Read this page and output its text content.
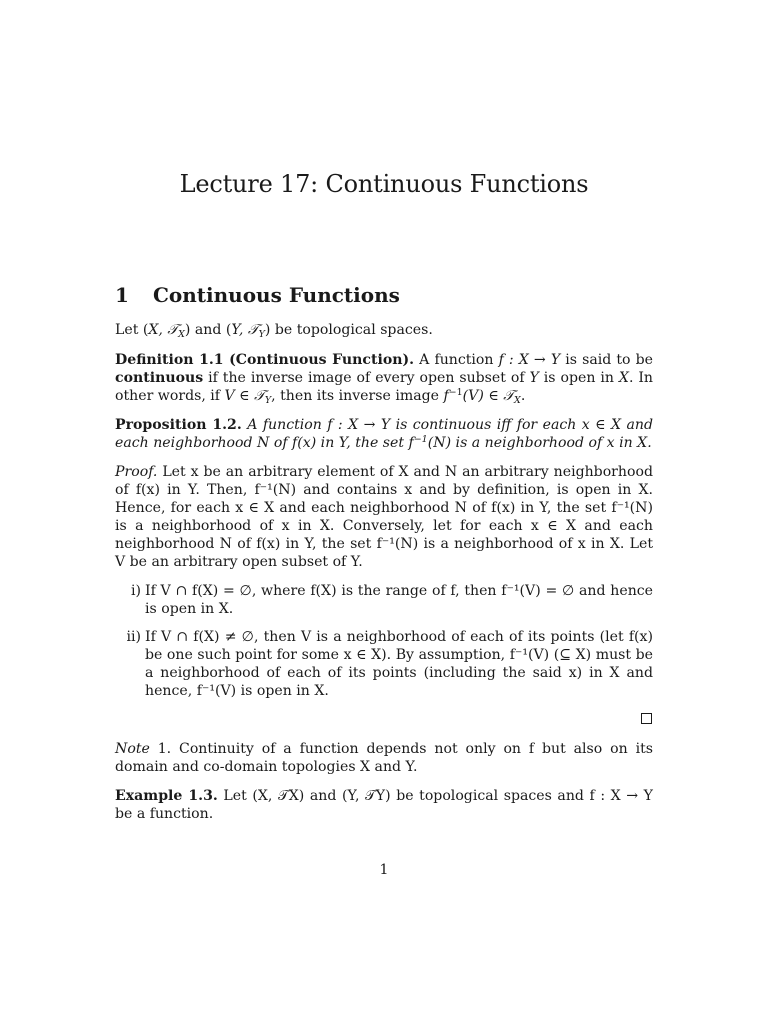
Lecture 17: Continuous Functions
1 Continuous Functions

Let (X, 𝒯$_X$) and (Y, 𝒯$_Y$) be topological spaces.

Definition 1.1 (Continuous Function). A function f : X → Y is said to be continuous if the inverse image of every open subset of Y is open in X. In other words, if V ∈ 𝒯$_Y$, then its inverse image $f^{-1}(V)$ ∈ 𝒯$_X$.

Proposition 1.2. A function f : X → Y is continuous iff for each x ∈ X and each neighborhood N of f(x) in Y, the set $f^{-1}(N)$ is a neighborhood of x in X.

Proof. Let x be an arbitrary element of X and N an arbitrary neighborhood of f(x) in Y. Then, f⁻¹(N) and contains x and by definition, is open in X. Hence, for each x ∈ X and each neighborhood N of f(x) in Y, the set f⁻¹(N) is a neighborhood of x in X. Conversely, let for each x ∈ X and each neighborhood N of f(x) in Y, the set f⁻¹(N) is a neighborhood of x in X. Let V be an arbitrary open subset of Y.

i) If V ∩ f(X) = ∅, where f(X) is the range of f, then f⁻¹(V) = ∅ and hence is open in X.
ii) If V ∩ f(X) ≠ ∅, then V is a neighborhood of each of its points (let f(x) be one such point for some x ∈ X). By assumption, f⁻¹(V) (⊆ X) must be a neighborhood of each of its points (including the said x) in X and hence, f⁻¹(V) is open in X.

Note 1. Continuity of a function depends not only on f but also on its domain and co-domain topologies X and Y.

Example 1.3. Let (X, 𝒯X) and (Y, 𝒯Y) be topological spaces and f : X → Y be a function.

1
